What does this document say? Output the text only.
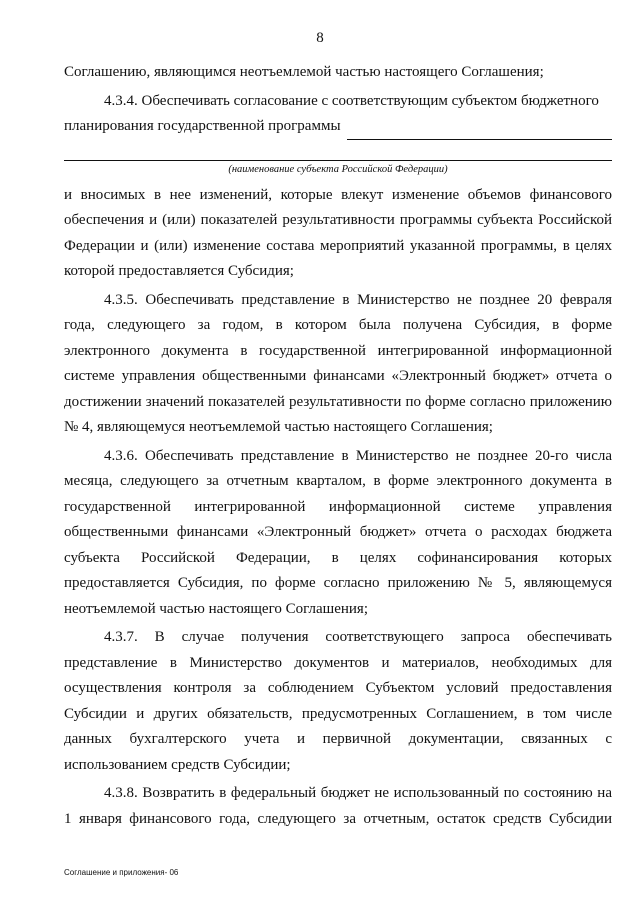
8

Соглашению, являющимся неотъемлемой частью настоящего Соглашения;

4.3.4. Обеспечивать согласование с соответствующим субъектом бюджетного

планирования государственной программы
(наименование субъекта Российской Федерации)

и вносимых в нее изменений, которые влекут изменение объемов финансового обеспечения и (или) показателей результативности программы субъекта Российской Федерации и (или) изменение состава мероприятий указанной программы, в целях которой предоставляется Субсидия;

4.3.5. Обеспечивать представление в Министерство не позднее 20 февраля года, следующего за годом, в котором была получена Субсидия, в форме электронного документа в государственной интегрированной информационной системе управления общественными финансами «Электронный бюджет» отчета о достижении значений показателей результативности по форме согласно приложению № 4, являющемуся неотъемлемой частью настоящего Соглашения;

4.3.6. Обеспечивать представление в Министерство не позднее 20-го числа месяца, следующего за отчетным кварталом, в форме электронного документа в государственной интегрированной информационной системе управления общественными финансами «Электронный бюджет» отчета о расходах бюджета субъекта Российской Федерации, в целях софинансирования которых предоставляется Субсидия, по форме согласно приложению № 5, являющемуся неотъемлемой частью настоящего Соглашения;

4.3.7. В случае получения соответствующего запроса обеспечивать представление в Министерство документов и материалов, необходимых для осуществления контроля за соблюдением Субъектом условий предоставления Субсидии и других обязательств, предусмотренных Соглашением, в том числе данных бухгалтерского учета и первичной документации, связанных с использованием средств Субсидии;

4.3.8. Возвратить в федеральный бюджет не использованный по состоянию на 1 января финансового года, следующего за отчетным, остаток средств Субсидии

Соглашение и приложения- 06
